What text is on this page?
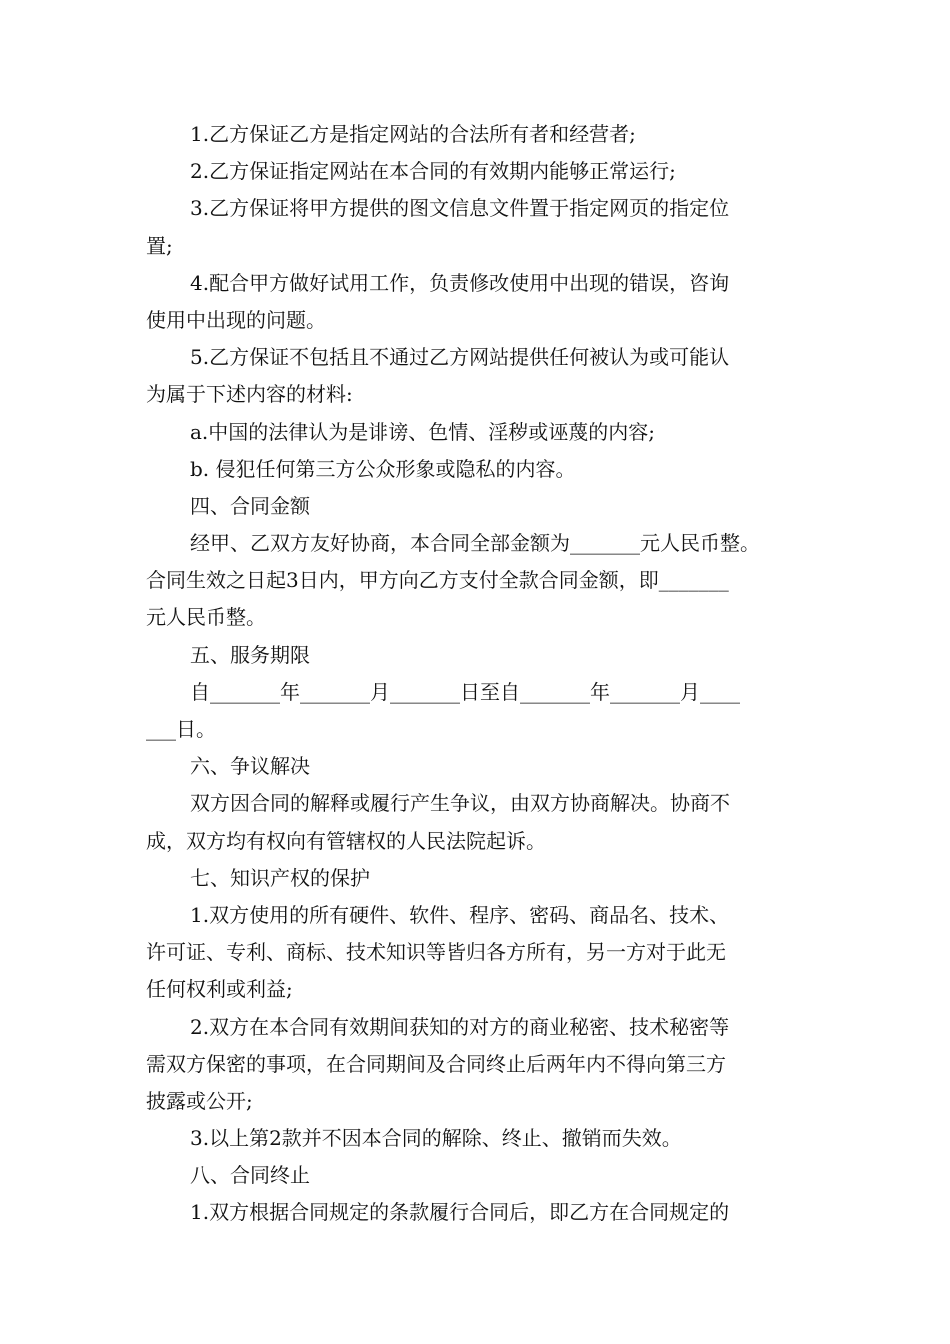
1.乙方保证乙方是指定网站的合法所有者和经营者;
2.乙方保证指定网站在本合同的有效期内能够正常运行;
3.乙方保证将甲方提供的图文信息文件置于指定网页的指定位
置;
4.配合甲方做好试用工作，负责修改使用中出现的错误，咨询
使用中出现的问题。
5.乙方保证不包括且不通过乙方网站提供任何被认为或可能认
为属于下述内容的材料:
a.中国的法律认为是诽谤、色情、淫秽或诬蔑的内容;
b. 侵犯任何第三方公众形象或隐私的内容。
四、合同金额
经甲、乙双方友好协商，本合同全部金额为_______元人民币整。
合同生效之日起3日内，甲方向乙方支付全款合同金额，即_______
元人民币整。
五、服务期限
自_______年_______月_______日至自_______年_______月____
___日。
六、争议解决
双方因合同的解释或履行产生争议，由双方协商解决。协商不
成，双方均有权向有管辖权的人民法院起诉。
七、知识产权的保护
1.双方使用的所有硬件、软件、程序、密码、商品名、技术、
许可证、专利、商标、技术知识等皆归各方所有，另一方对于此无
任何权利或利益;
2.双方在本合同有效期间获知的对方的商业秘密、技术秘密等
需双方保密的事项，在合同期间及合同终止后两年内不得向第三方
披露或公开;
3.以上第2款并不因本合同的解除、终止、撤销而失效。
八、合同终止
1.双方根据合同规定的条款履行合同后，即乙方在合同规定的
